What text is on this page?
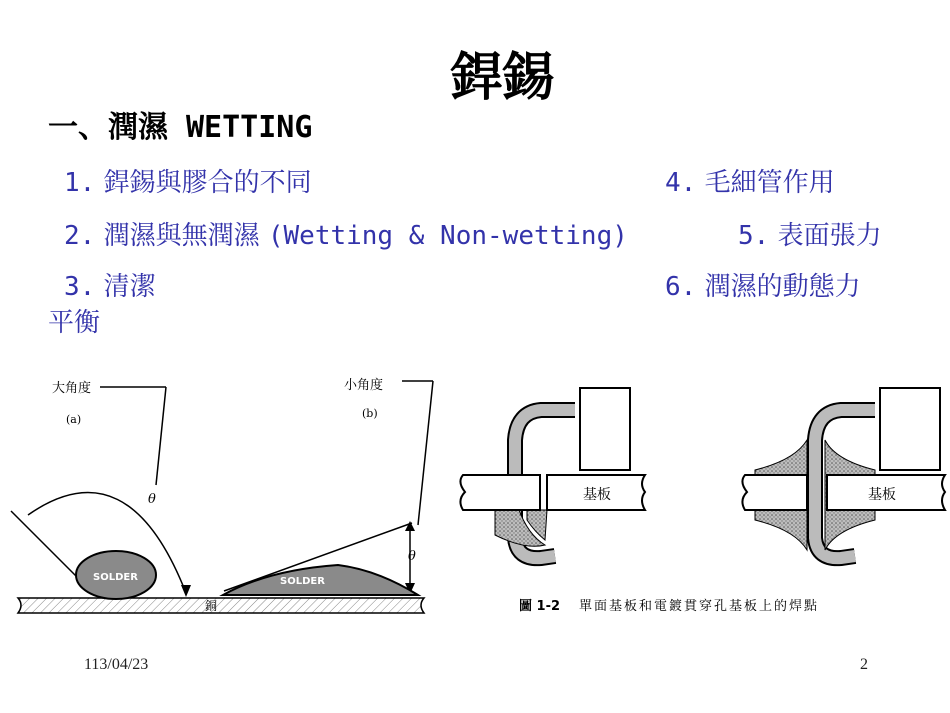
銲錫
一、潤濕 WETTING
1. 銲錫與膠合的不同
2. 潤濕與無潤濕 (Wetting & Non-wetting)
3. 清潔
4. 毛細管作用
5. 表面張力
6. 潤濕的動態力
平衡
銅
大角度
(a)
θ
SOLDER
小角度
(b)
θ
SOLDER
基板	基板
圖 1-2 單面基板和電鍍貫穿孔基板上的焊點
113/04/23	2
